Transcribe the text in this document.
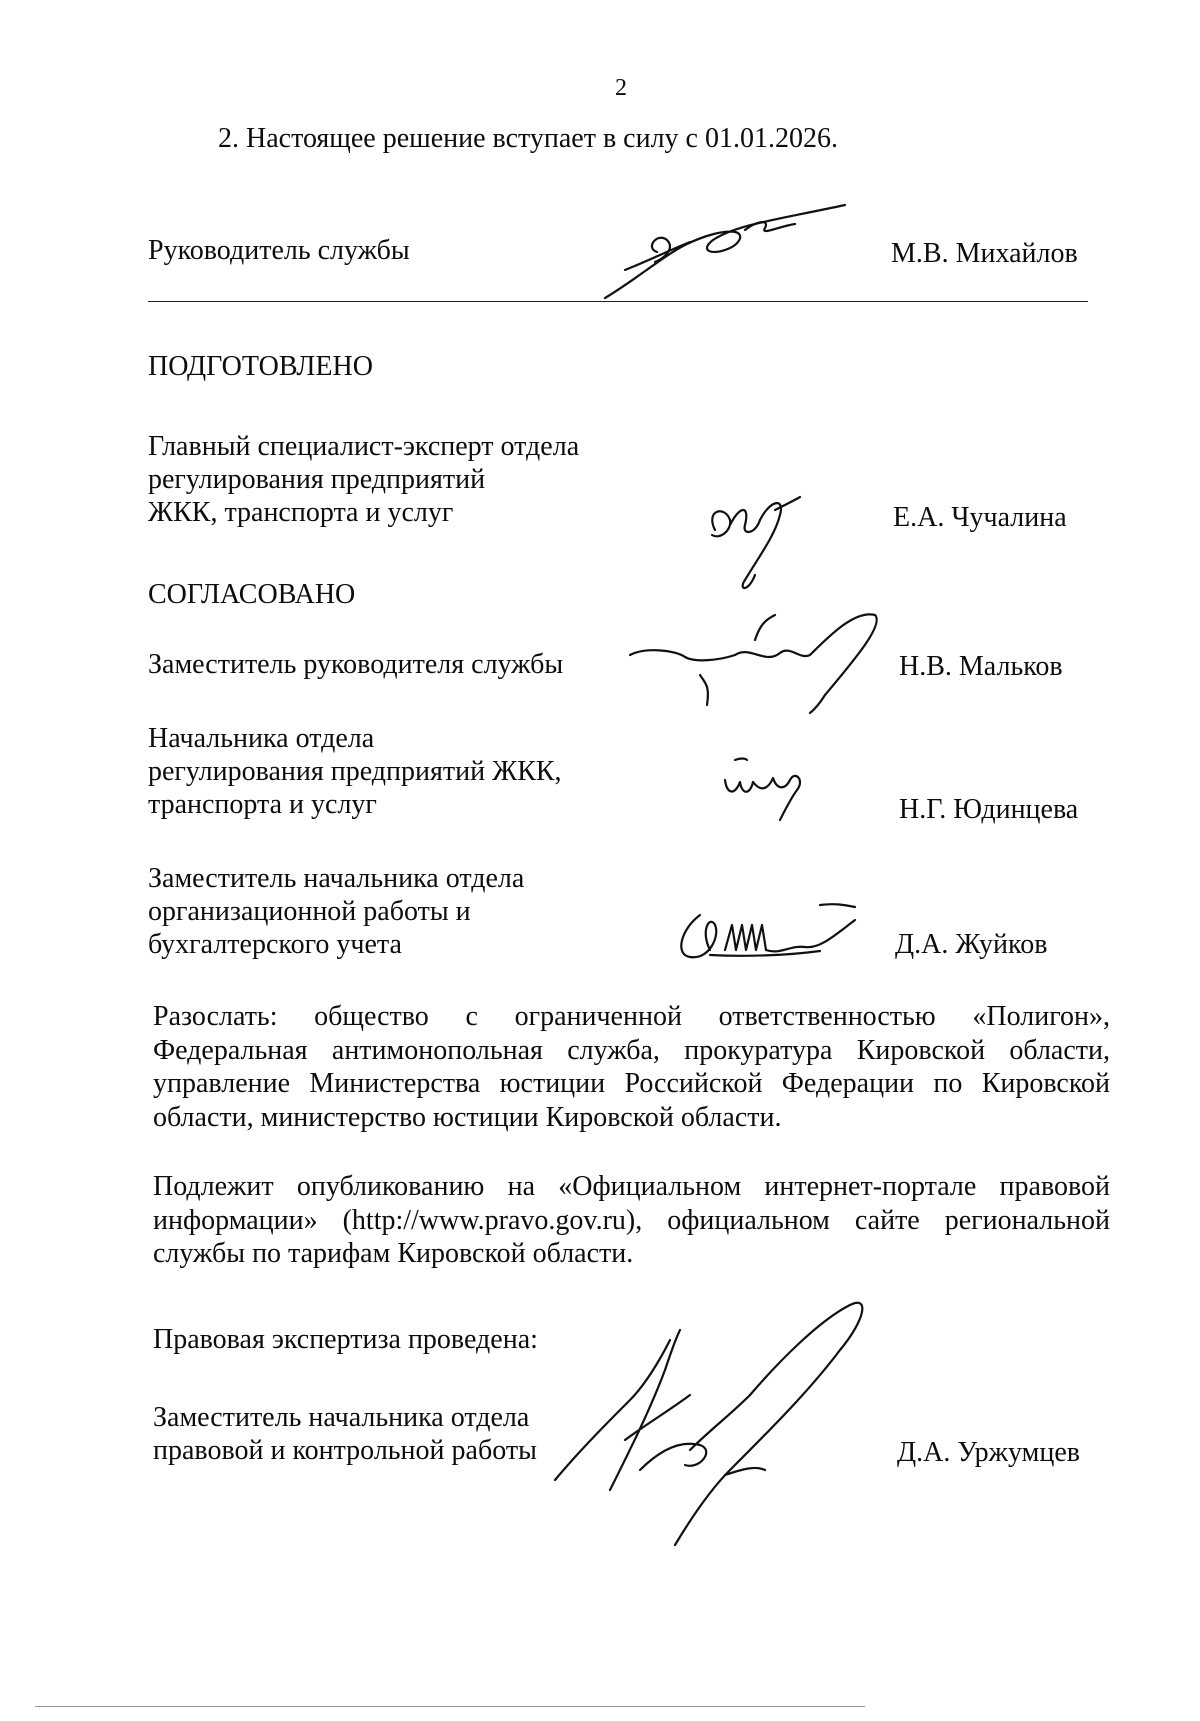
2
2. Настоящее решение вступает в силу с 01.01.2026.
Руководитель службы	М.В. Михайлов
ПОДГОТОВЛЕНО
Главный специалист-эксперт отдела
регулирования предприятий
ЖКК, транспорта и услуг	Е.А. Чучалина
СОГЛАСОВАНО
Заместитель руководителя службы	Н.В. Мальков
Начальника отдела
регулирования предприятий ЖКК,
транспорта и услуг	Н.Г. Юдинцева
Заместитель начальника отдела
организационной работы и
бухгалтерского учета	Д.А. Жуйков
Разослать: общество с ограниченной ответственностью «Полигон», Федеральная антимонопольная служба, прокуратура Кировской области, управление Министерства юстиции Российской Федерации по Кировской области, министерство юстиции Кировской области.
Подлежит опубликованию на «Официальном интернет-портале правовой информации» (http://www.pravo.gov.ru), официальном сайте региональной службы по тарифам Кировской области.
Правовая экспертиза проведена:
Заместитель начальника отдела
правовой и контрольной работы	Д.А. Уржумцев
